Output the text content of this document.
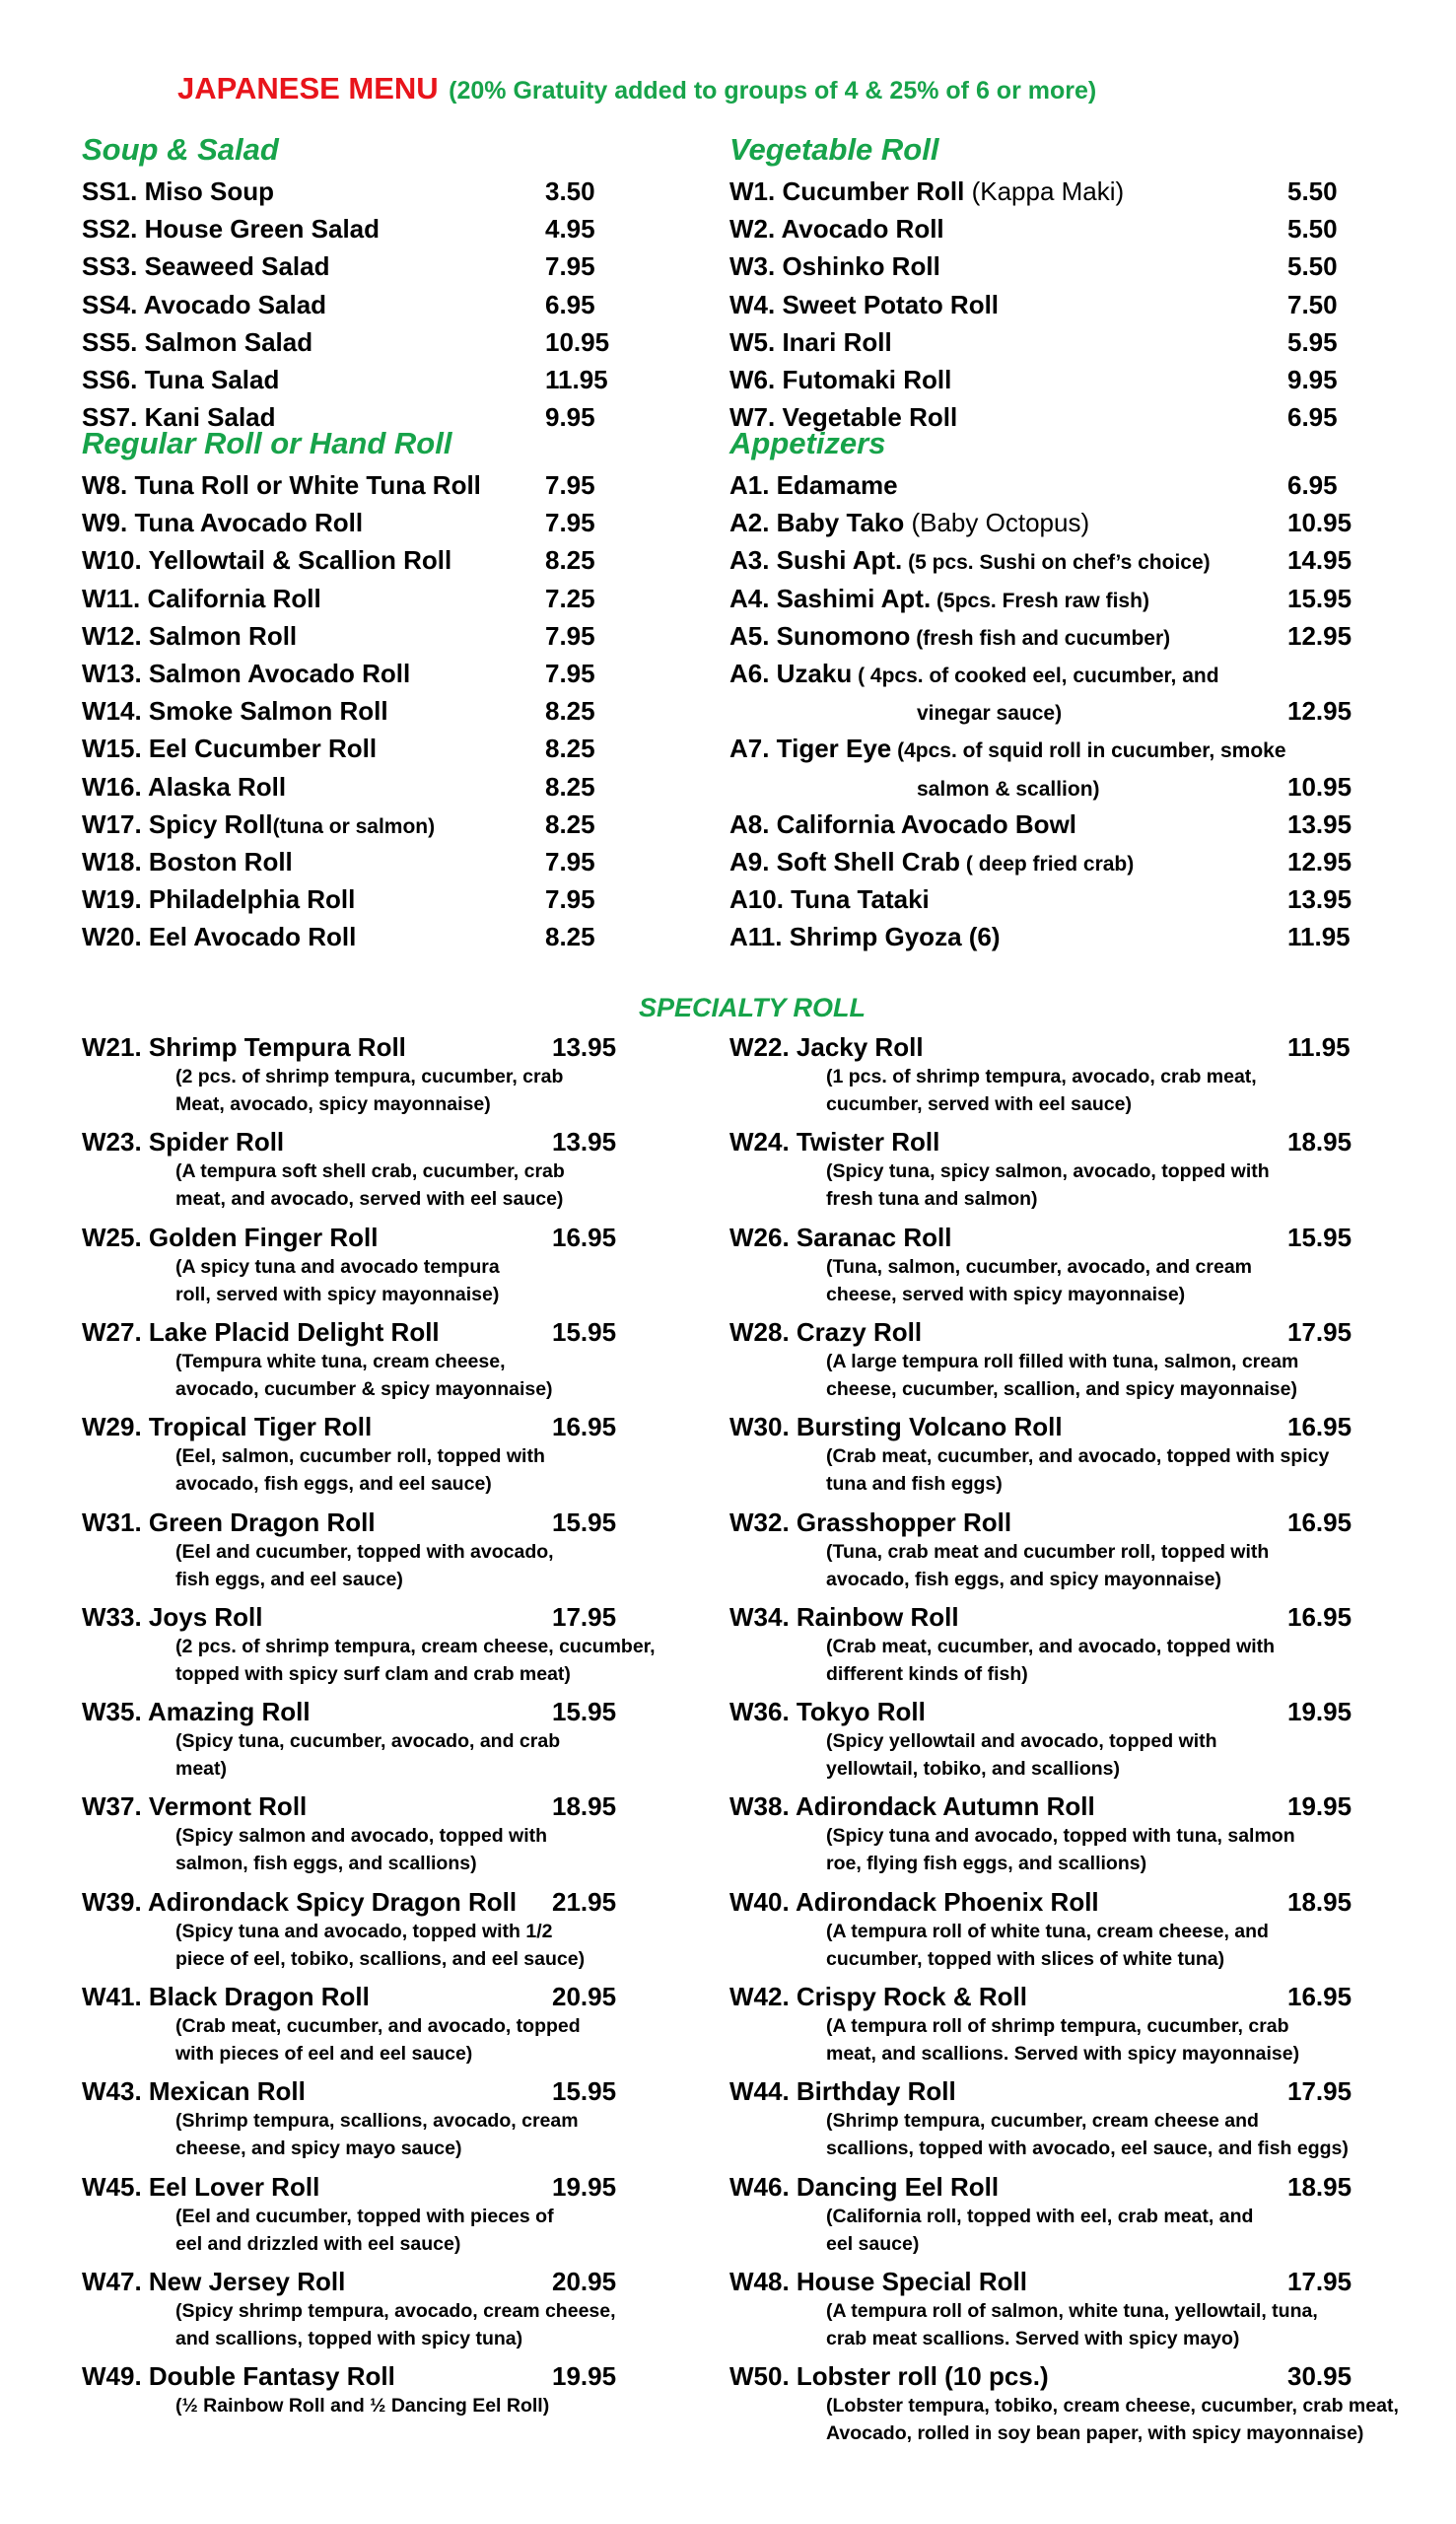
JAPANESE MENU (20% Gratuity added to groups of 4 & 25% of 6 or more)
Soup & Salad	Vegetable Roll
Regular Roll or Hand Roll	Appetizers
SPECIALTY ROLL
SS1. Miso Soup	3.50
SS2. House Green Salad	4.95
SS3. Seaweed Salad	7.95
SS4. Avocado Salad	6.95
SS5. Salmon Salad	10.95
SS6. Tuna Salad	11.95
SS7. Kani Salad	9.95
W8. Tuna Roll or White Tuna Roll	7.95
W9. Tuna Avocado Roll	7.95
W10. Yellowtail & Scallion Roll	8.25
W11. California Roll	7.25
W12. Salmon Roll	7.95
W13. Salmon Avocado Roll	7.95
W14. Smoke Salmon Roll	8.25
W15. Eel Cucumber Roll	8.25
W16. Alaska Roll	8.25
W17. Spicy Roll(tuna or salmon)	8.25
W18. Boston Roll	7.95
W19. Philadelphia Roll	7.95
W20. Eel Avocado Roll	8.25
W1. Cucumber Roll (Kappa Maki)	5.50
W2. Avocado Roll	5.50
W3. Oshinko Roll	5.50
W4. Sweet Potato Roll	7.50
W5. Inari Roll	5.95
W6. Futomaki Roll	9.95
W7. Vegetable Roll	6.95
A1. Edamame	6.95
A2. Baby Tako (Baby Octopus)	10.95
A3. Sushi Apt. (5 pcs. Sushi on chef’s choice)	14.95
A4. Sashimi Apt. (5pcs. Fresh raw fish)	15.95
A5. Sunomono (fresh fish and cucumber)	12.95
A6. Uzaku ( 4pcs. of cooked eel, cucumber, and
vinegar sauce)	12.95
A7. Tiger Eye (4pcs. of squid roll in cucumber, smoke
salmon & scallion)	10.95
A8. California Avocado Bowl	13.95
A9. Soft Shell Crab ( deep fried crab)	12.95
A10. Tuna Tataki	13.95
A11. Shrimp Gyoza (6)	11.95
W21. Shrimp Tempura Roll	13.95
(2 pcs. of shrimp tempura, cucumber, crab
Meat, avocado, spicy mayonnaise)
W23. Spider Roll	13.95
(A tempura soft shell crab, cucumber, crab
meat, and avocado, served with eel sauce)
W25. Golden Finger Roll	16.95
(A spicy tuna and avocado tempura
roll, served with spicy mayonnaise)
W27. Lake Placid Delight Roll	15.95
(Tempura white tuna, cream cheese,
avocado, cucumber & spicy mayonnaise)
W29. Tropical Tiger Roll	16.95
(Eel, salmon, cucumber roll, topped with
avocado, fish eggs, and eel sauce)
W31. Green Dragon Roll	15.95
(Eel and cucumber, topped with avocado,
fish eggs, and eel sauce)
W33. Joys Roll	17.95
(2 pcs. of shrimp tempura, cream cheese, cucumber,
topped with spicy surf clam and crab meat)
W35. Amazing Roll	15.95
(Spicy tuna, cucumber, avocado, and crab
meat)
W37. Vermont Roll	18.95
(Spicy salmon and avocado, topped with
salmon, fish eggs, and scallions)
W39. Adirondack Spicy Dragon Roll 21.95
(Spicy tuna and avocado, topped with 1/2
piece of eel, tobiko, scallions, and eel sauce)
W41. Black Dragon Roll	20.95
(Crab meat, cucumber, and avocado, topped
with pieces of eel and eel sauce)
W43. Mexican Roll	15.95
(Shrimp tempura, scallions, avocado, cream
cheese, and spicy mayo sauce)
W45. Eel Lover Roll	19.95
(Eel and cucumber, topped with pieces of
eel and drizzled with eel sauce)
W47. New Jersey Roll	20.95
(Spicy shrimp tempura, avocado, cream cheese,
and scallions, topped with spicy tuna)
W49. Double Fantasy Roll	19.95
(½ Rainbow Roll and ½ Dancing Eel Roll)
W22. Jacky Roll	11.95
(1 pcs. of shrimp tempura, avocado, crab meat,
cucumber, served with eel sauce)
W24. Twister Roll	18.95
(Spicy tuna, spicy salmon, avocado, topped with
fresh tuna and salmon)
W26. Saranac Roll	15.95
(Tuna, salmon, cucumber, avocado, and cream
cheese, served with spicy mayonnaise)
W28. Crazy Roll	17.95
(A large tempura roll filled with tuna, salmon, cream
cheese, cucumber, scallion, and spicy mayonnaise)
W30. Bursting Volcano Roll	16.95
(Crab meat, cucumber, and avocado, topped with spicy
tuna and fish eggs)
W32. Grasshopper Roll	16.95
(Tuna, crab meat and cucumber roll, topped with
avocado, fish eggs, and spicy mayonnaise)
W34. Rainbow Roll	16.95
(Crab meat, cucumber, and avocado, topped with
different kinds of fish)
W36. Tokyo Roll	19.95
(Spicy yellowtail and avocado, topped with
yellowtail, tobiko, and scallions)
W38. Adirondack Autumn Roll	19.95
(Spicy tuna and avocado, topped with tuna, salmon
roe, flying fish eggs, and scallions)
W40. Adirondack Phoenix Roll	18.95
(A tempura roll of white tuna, cream cheese, and
cucumber, topped with slices of white tuna)
W42. Crispy Rock & Roll	16.95
(A tempura roll of shrimp tempura, cucumber, crab
meat, and scallions. Served with spicy mayonnaise)
W44. Birthday Roll	17.95
(Shrimp tempura, cucumber, cream cheese and
scallions, topped with avocado, eel sauce, and fish eggs)
W46. Dancing Eel Roll	18.95
(California roll, topped with eel, crab meat, and
eel sauce)
W48. House Special Roll	17.95
(A tempura roll of salmon, white tuna, yellowtail, tuna,
crab meat scallions. Served with spicy mayo)
W50. Lobster roll (10 pcs.)	30.95
(Lobster tempura, tobiko, cream cheese, cucumber, crab meat,
Avocado, rolled in soy bean paper, with spicy mayonnaise)
